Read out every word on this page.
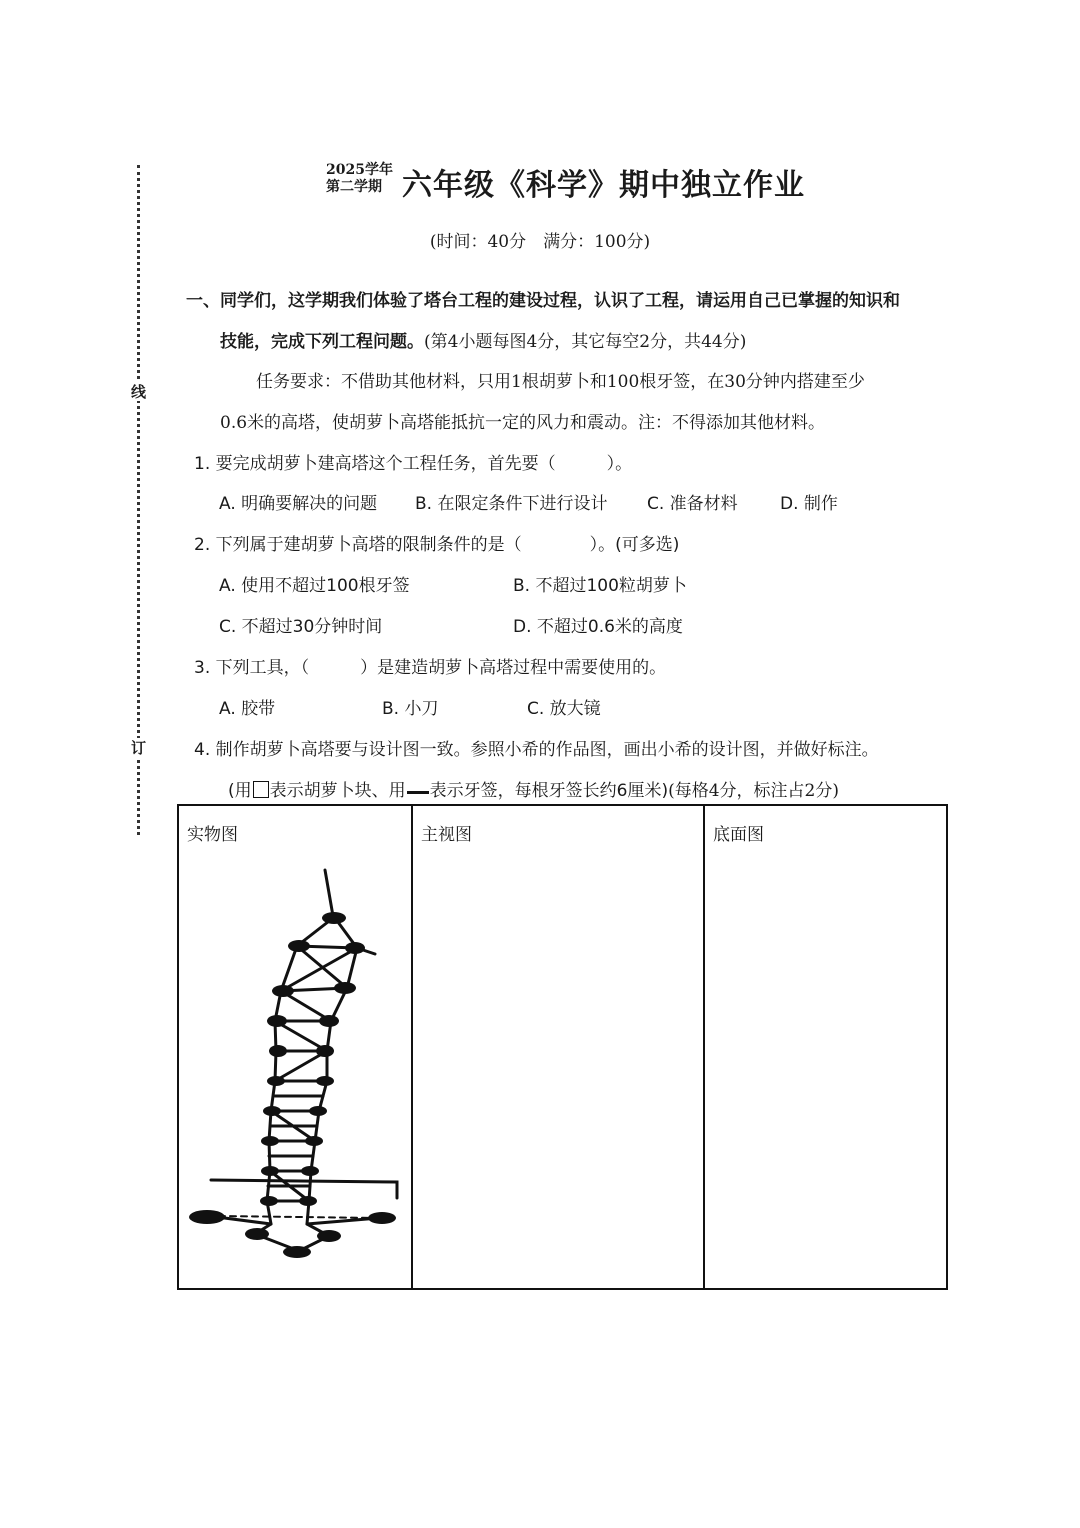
线
订
2025学年
第二学期 六年级《科学》期中独立作业
(时间：40分　满分：100分)
一、同学们，这学期我们体验了塔台工程的建设过程，认识了工程，请运用自己已掌握的知识和
技能，完成下列工程问题。(第4小题每图4分，其它每空2分，共44分)
任务要求：不借助其他材料，只用1根胡萝卜和100根牙签，在30分钟内搭建至少
0.6米的高塔，使胡萝卜高塔能抵抗一定的风力和震动。注：不得添加其他材料。
1. 要完成胡萝卜建高塔这个工程任务，首先要（　　　）。
A. 明确要解决的问题 B. 在限定条件下进行设计 C. 准备材料 D. 制作
2. 下列属于建胡萝卜高塔的限制条件的是（　　　　）。(可多选)
A. 使用不超过100根牙签	B. 不超过100粒胡萝卜
C. 不超过30分钟时间	D. 不超过0.6米的高度
3. 下列工具，（　　　）是建造胡萝卜高塔过程中需要使用的。
A. 胶带	B. 小刀	C. 放大镜
4. 制作胡萝卜高塔要与设计图一致。参照小希的作品图，画出小希的设计图，并做好标注。
(用 表示胡萝卜块、用 表示牙签，每根牙签长约6厘米)(每格4分，标注占2分)
实物图	主视图	底面图
